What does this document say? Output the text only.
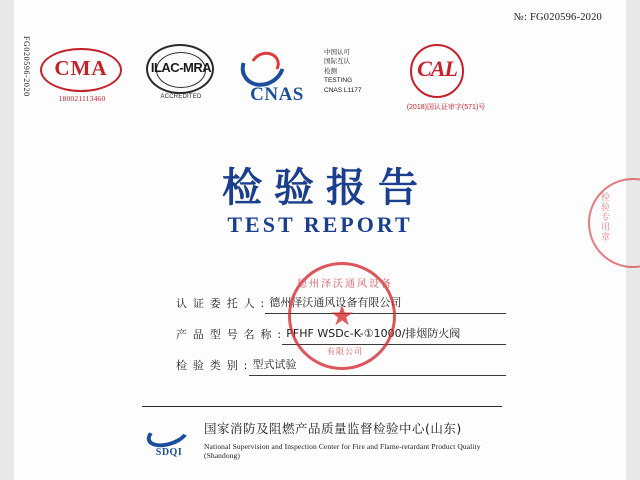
№: FG020596-2020
FG020596-2020	CMA
180021113460
ILAC-MRA
ACCREDITED	CNAS
中国认可
国际互认
检测
TESTING
CNAS L1177
CAL
(2018)国认证审字(571)号
检验报告
TEST REPORT	检验专用章
认 证 委 托 人 : 德州泽沃通风设备有限公司
产 品 型 号 名 称 : PFHF WSDc-K-①1000/排烟防火阀
检 验 类 别 : 型式试验
德州泽沃通风设备
★
有限公司
SDQI
国家消防及阻燃产品质量监督检验中心(山东)
National Supervision and Inspection Center for Fire and Flame-retardant Product Quality (Shandong)
